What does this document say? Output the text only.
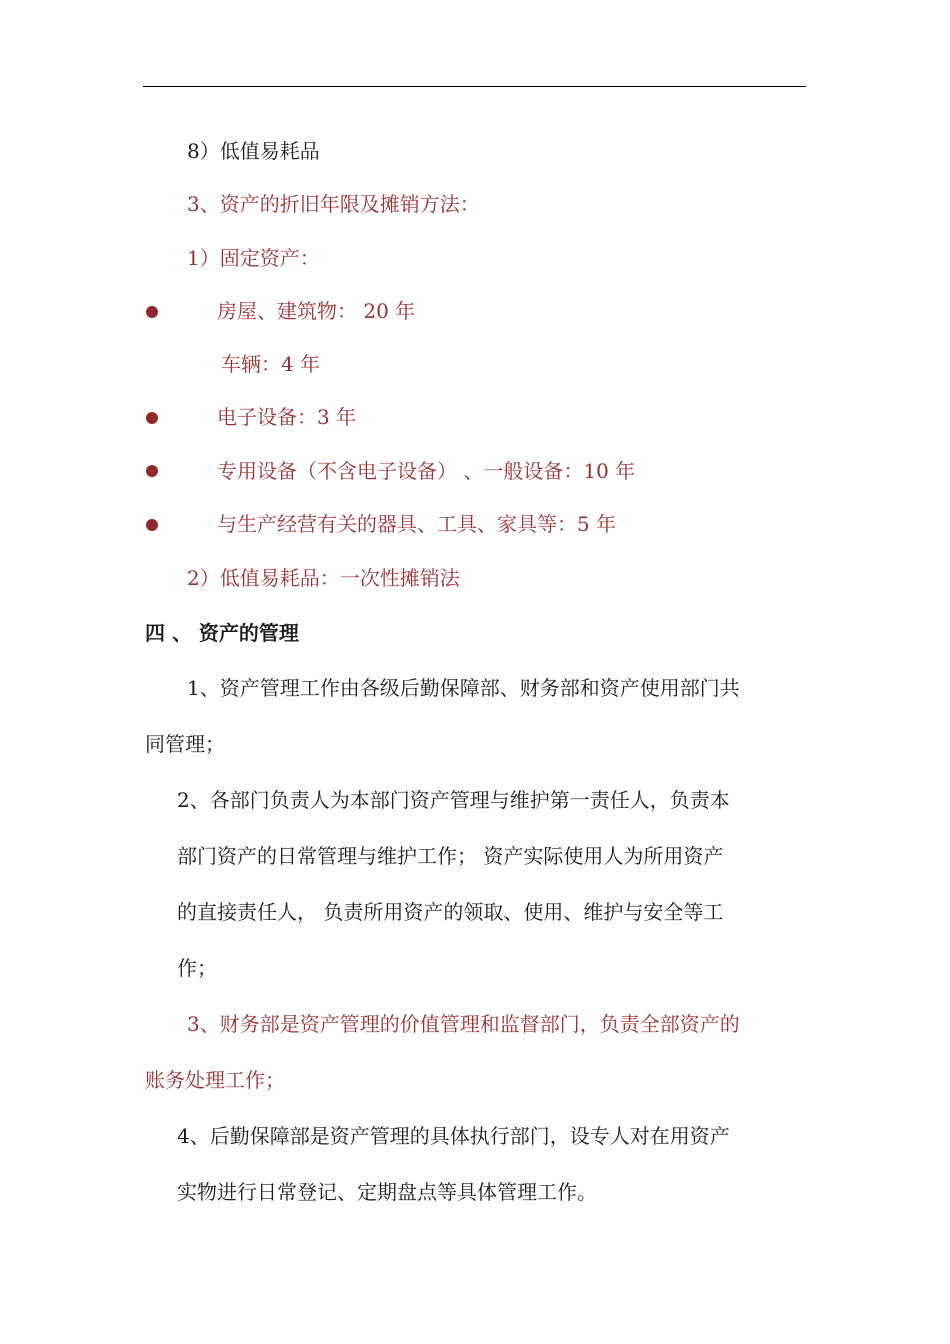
8）低值易耗品
3、资产的折旧年限及摊销方法：
1）固定资产：
房屋、建筑物： 20 年
车辆：4 年
电子设备：3 年
专用设备（不含电子设备） 、一般设备：10 年
与生产经营有关的器具、工具、家具等：5 年
2）低值易耗品：一次性摊销法
四 、 资产的管理
1、资产管理工作由各级后勤保障部、财务部和资产使用部门共
同管理；
2、各部门负责人为本部门资产管理与维护第一责任人，负责本
部门资产的日常管理与维护工作； 资产实际使用人为所用资产
的直接责任人， 负责所用资产的领取、使用、维护与安全等工
作；
3、财务部是资产管理的价值管理和监督部门，负责全部资产的
账务处理工作；
4、后勤保障部是资产管理的具体执行部门，设专人对在用资产
实物进行日常登记、定期盘点等具体管理工作。
